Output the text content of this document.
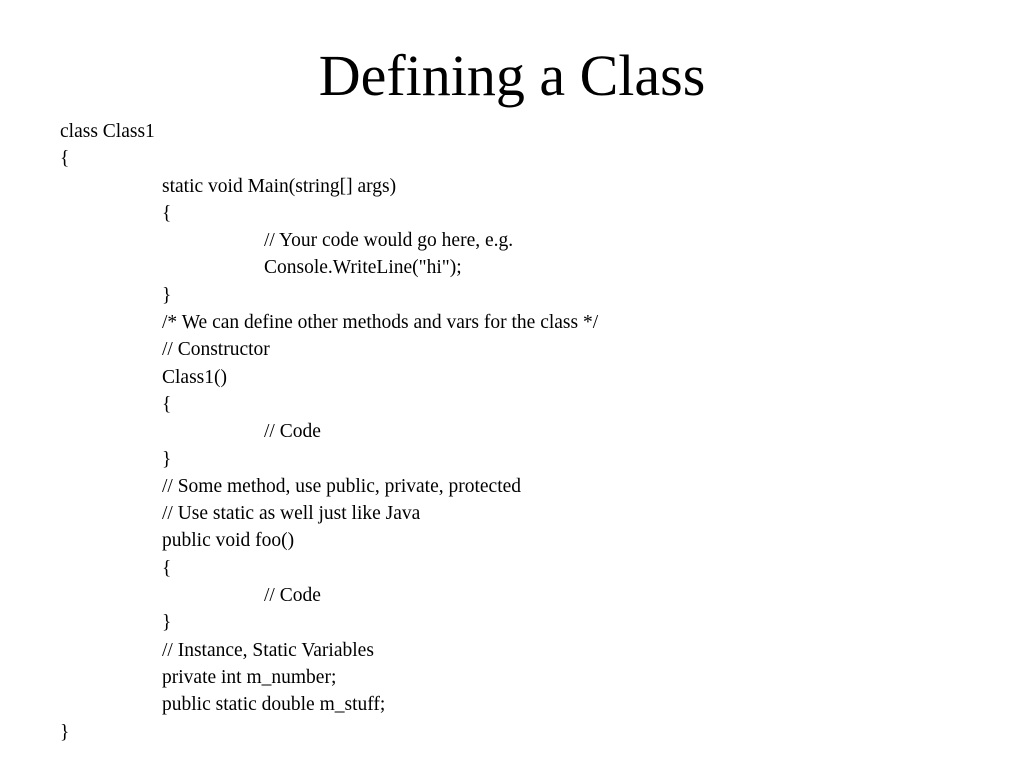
Defining a Class
class Class1
{
static void Main(string[] args)
{
// Your code would go here, e.g.
Console.WriteLine("hi");
}
/* We can define other methods and vars for the class */
// Constructor
Class1()
{
// Code
}
// Some method, use public, private, protected
// Use static as well just like Java
public void foo()
{
// Code
}
// Instance, Static Variables
private int m_number;
public static double m_stuff;
}
